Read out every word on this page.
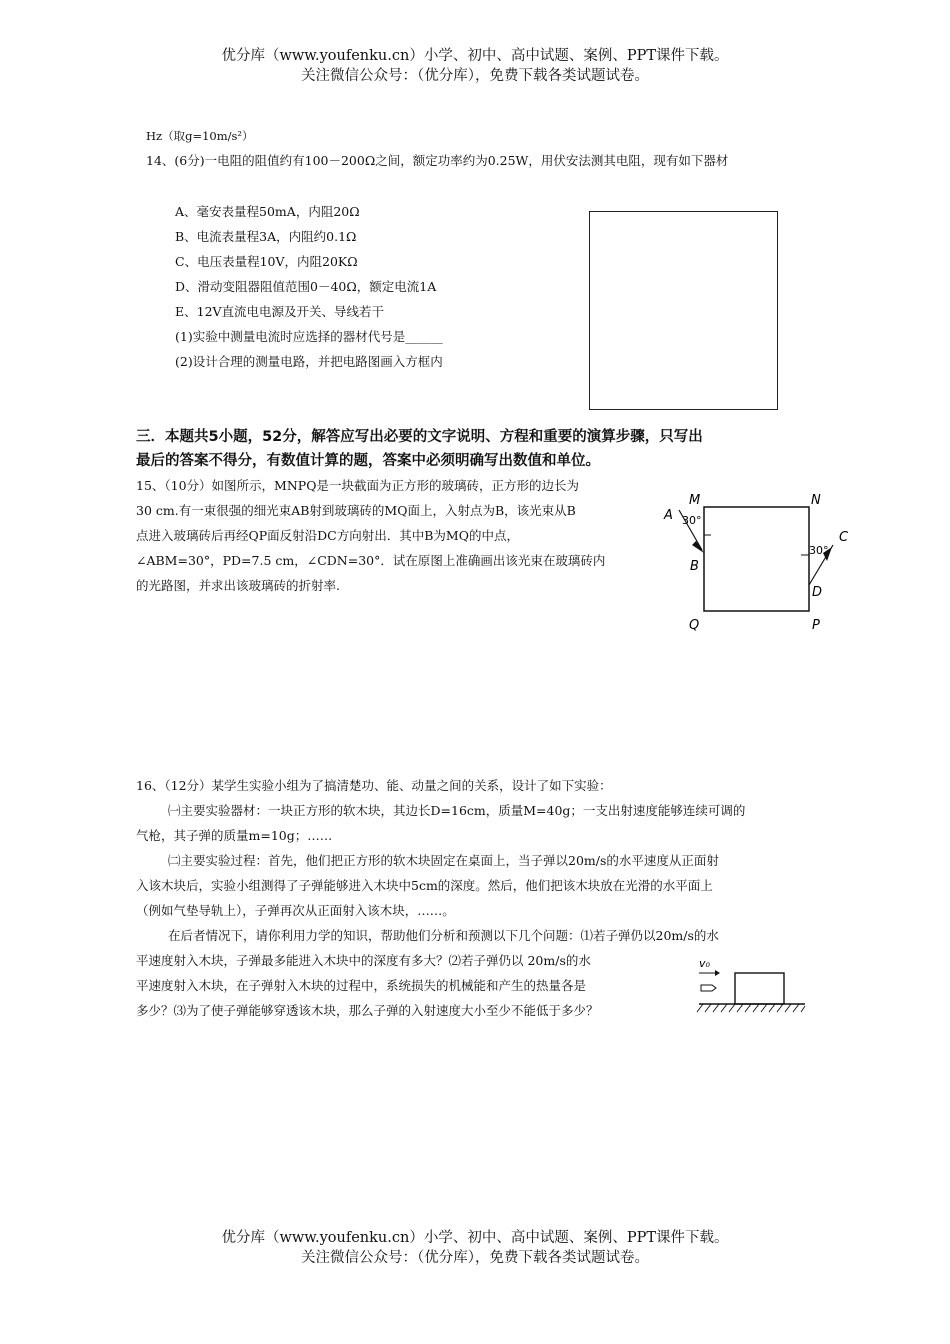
优分库（www.youfenku.cn）小学、初中、高中试题、案例、PPT课件下载。
关注微信公众号：（优分库），免费下载各类试题试卷。
Hz（取g=10m/s²）
14、(6分)一电阻的阻值约有100－200Ω之间，额定功率约为0.25W，用伏安法测其电阻，现有如下器材
A、毫安表量程50mA，内阻20Ω
B、电流表量程3A，内阻约0.1Ω
C、电压表量程10V，内阻20KΩ
D、滑动变阻器阻值范围0－40Ω，额定电流1A
E、12V直流电电源及开关、导线若干
(1)实验中测量电流时应选择的器材代号是______
(2)设计合理的测量电路，并把电路图画入方框内
三．本题共5小题，52分，解答应写出必要的文字说明、方程和重要的演算步骤，只写出
最后的答案不得分，有数值计算的题，答案中必须明确写出数值和单位。
15、（10分）如图所示，MNPQ是一块截面为正方形的玻璃砖，正方形的边长为
30 cm.有一束很强的细光束AB射到玻璃砖的MQ面上，入射点为B，该光束从B
点进入玻璃砖后再经QP面反射沿DC方向射出．其中B为MQ的中点，
∠ABM=30°，PD=7.5 cm，∠CDN=30°．试在原图上准确画出该光束在玻璃砖内
的光路图，并求出该玻璃砖的折射率.
M	N
Q	P
A
B
C
D
30°
30°
16、（12分）某学生实验小组为了搞清楚功、能、动量之间的关系，设计了如下实验：
㈠主要实验器材：一块正方形的软木块，其边长D=16cm，质量M=40g；一支出射速度能够连续可调的
气枪，其子弹的质量m=10g；……
㈡主要实验过程：首先，他们把正方形的软木块固定在桌面上，当子弹以20m/s的水平速度从正面射
入该木块后，实验小组测得了子弹能够进入木块中5cm的深度。然后，他们把该木块放在光滑的水平面上
（例如气垫导轨上），子弹再次从正面射入该木块，……。
在后者情况下，请你利用力学的知识，帮助他们分析和预测以下几个问题：⑴若子弹仍以20m/s的水
平速度射入木块，子弹最多能进入木块中的深度有多大？⑵若子弹仍以 20m/s的水
平速度射入木块，在子弹射入木块的过程中，系统损失的机械能和产生的热量各是
多少？⑶为了使子弹能够穿透该木块，那么子弹的入射速度大小至少不能低于多少？
v₀
优分库（www.youfenku.cn）小学、初中、高中试题、案例、PPT课件下载。
关注微信公众号：（优分库），免费下载各类试题试卷。
